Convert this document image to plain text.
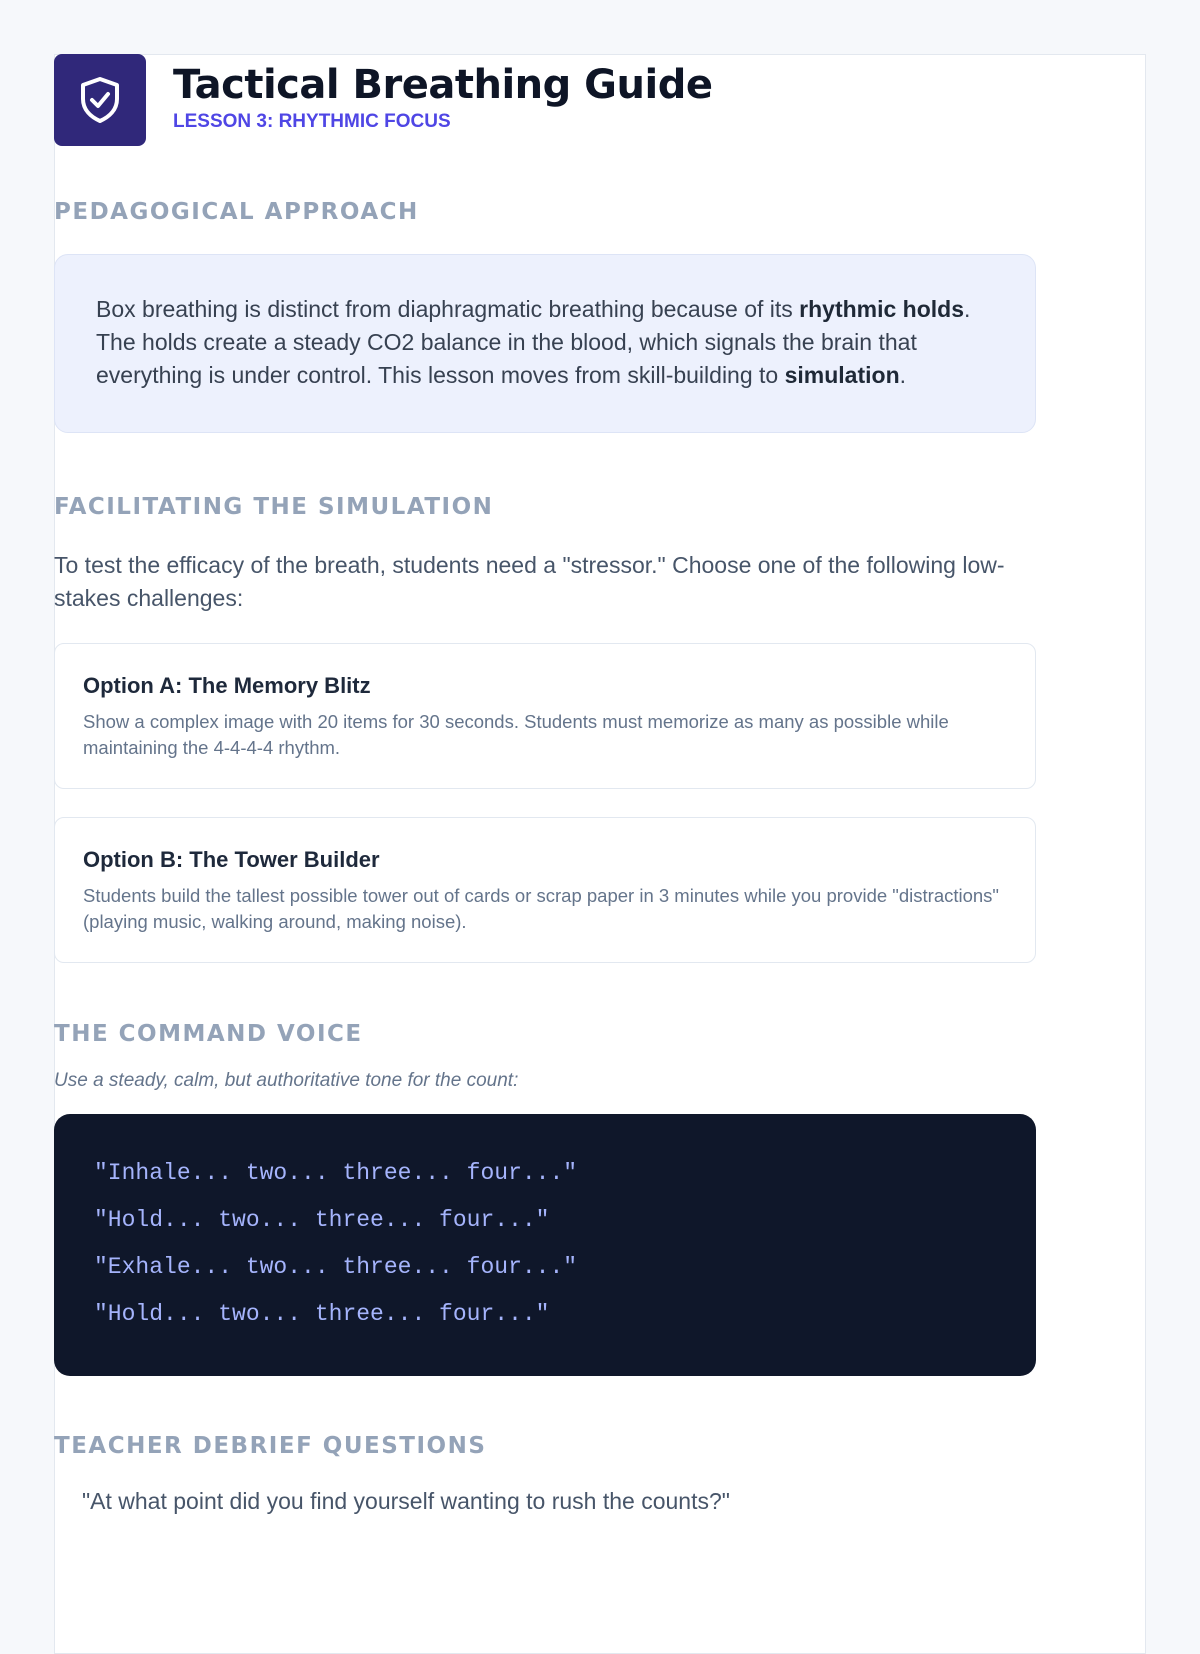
Tactical Breathing Guide
LESSON 3: RHYTHMIC FOCUS
PEDAGOGICAL APPROACH
Box breathing is distinct from diaphragmatic breathing because of its rhythmic holds. The holds create a steady CO2 balance in the blood, which signals the brain that everything is under control. This lesson moves from skill-building to simulation.
FACILITATING THE SIMULATION

To test the efficacy of the breath, students need a "stressor." Choose one of the following low-stakes challenges:

Option A: The Memory Blitz
Show a complex image with 20 items for 30 seconds. Students must memorize as many as possible while maintaining the 4-4-4-4 rhythm.
Option B: The Tower Builder
Students build the tallest possible tower out of cards or scrap paper in 3 minutes while you provide "distractions" (playing music, walking around, making noise).
THE COMMAND VOICE
Use a steady, calm, but authoritative tone for the count:
"Inhale... two... three... four..."
"Hold... two... three... four..."
"Exhale... two... three... four..."
"Hold... two... three... four..."
TEACHER DEBRIEF QUESTIONS
"At what point did you find yourself wanting to rush the counts?"
